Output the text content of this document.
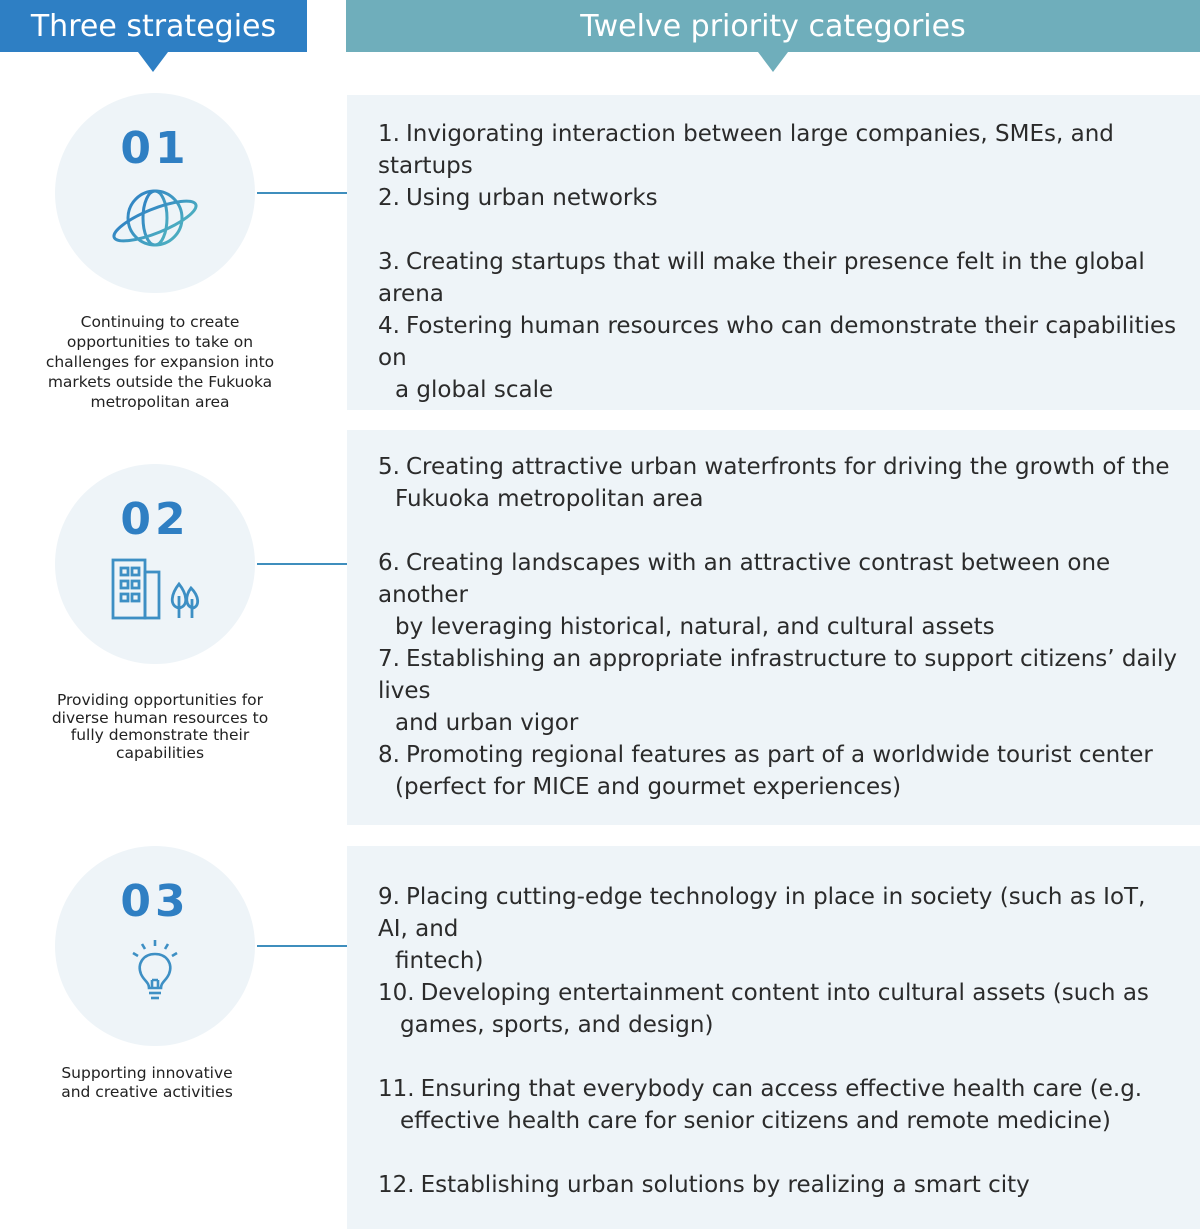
Three strategies	Twelve priority categories
01
Continuing to create
opportunities to take on
challenges for expansion into
markets outside the Fukuoka
metropolitan area
02
Providing opportunities for
diverse human resources to
fully demonstrate their
capabilities
03
Supporting innovative
and creative activities
1. Invigorating interaction between large companies, SMEs, and startups
2. Using urban networks
3. Creating startups that will make their presence felt in the global arena
4. Fostering human resources who can demonstrate their capabilities on
a global scale
5. Creating attractive urban waterfronts for driving the growth of the
Fukuoka metropolitan area
6. Creating landscapes with an attractive contrast between one another
by leveraging historical, natural, and cultural assets
7. Establishing an appropriate infrastructure to support citizens’ daily lives
and urban vigor
8. Promoting regional features as part of a worldwide tourist center
(perfect for MICE and gourmet experiences)
9. Placing cutting-edge technology in place in society (such as IoT, AI, and
fintech)
10. Developing entertainment content into cultural assets (such as
games, sports, and design)
11. Ensuring that everybody can access effective health care (e.g.
effective health care for senior citizens and remote medicine)
12. Establishing urban solutions by realizing a smart city
